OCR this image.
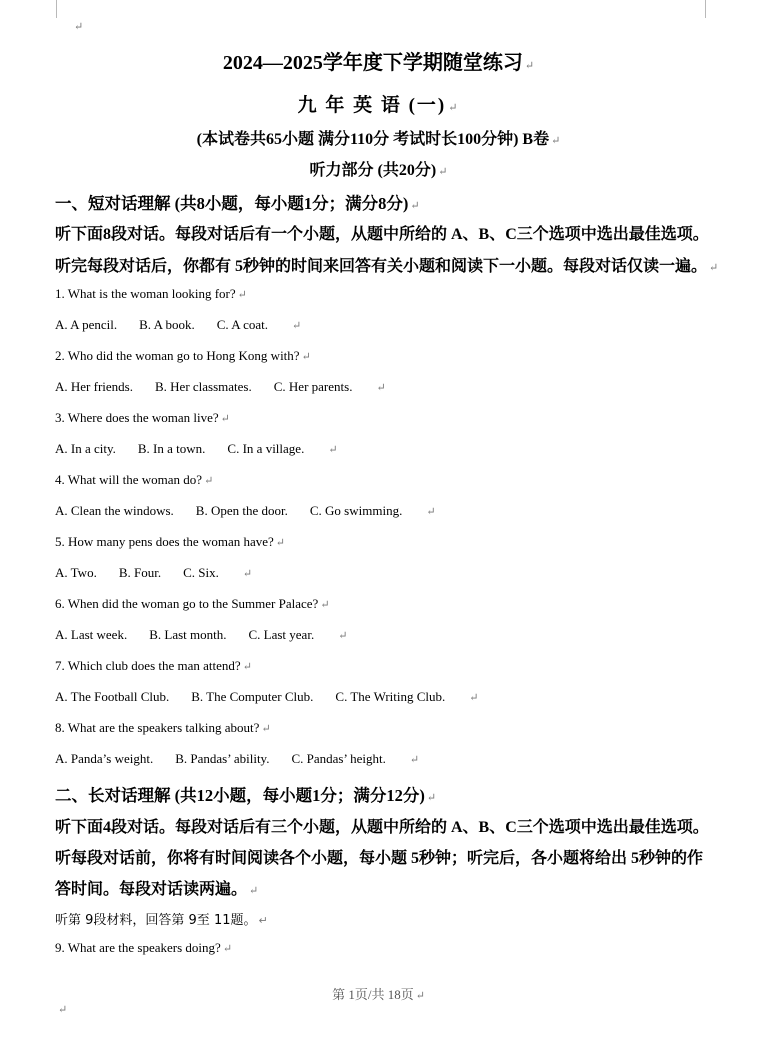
↵
2024—2025学年度下学期随堂练习 ↵
九 年 英 语 (一) ↵
(本试卷共65小题 满分110分 考试时长100分钟) B卷 ↵
听力部分 (共20分) ↵
一、短对话理解 (共8小题，每小题1分；满分8分) ↵
听下面8段对话。每段对话后有一个小题，从题中所给的 A、B、C三个选项中选出最佳选项。
听完每段对话后，你都有 5秒钟的时间来回答有关小题和阅读下一小题。每段对话仅读一遍。 ↵
1. What is the woman looking for? ↵
A. A pencil. B. A book. C. A coat. ↵
2. Who did the woman go to Hong Kong with? ↵
A. Her friends. B. Her classmates. C. Her parents. ↵
3. Where does the woman live? ↵
A. In a city. B. In a town. C. In a village. ↵
4. What will the woman do? ↵
A. Clean the windows. B. Open the door. C. Go swimming. ↵
5. How many pens does the woman have? ↵
A. Two. B. Four. C. Six. ↵
6. When did the woman go to the Summer Palace? ↵
A. Last week. B. Last month. C. Last year. ↵
7. Which club does the man attend? ↵
A. The Football Club. B. The Computer Club. C. The Writing Club. ↵
8. What are the speakers talking about? ↵
A. Panda’s weight. B. Pandas’ ability. C. Pandas’ height. ↵
二、长对话理解 (共12小题，每小题1分；满分12分) ↵
听下面4段对话。每段对话后有三个小题，从题中所给的 A、B、C三个选项中选出最佳选项。
听每段对话前，你将有时间阅读各个小题，每小题 5秒钟；听完后，各小题将给出 5秒钟的作
答时间。每段对话读两遍。 ↵
听第 9段材料，回答第 9至 11题。 ↵
9. What are the speakers doing? ↵
第 1页/共 18页 ↵
↵
